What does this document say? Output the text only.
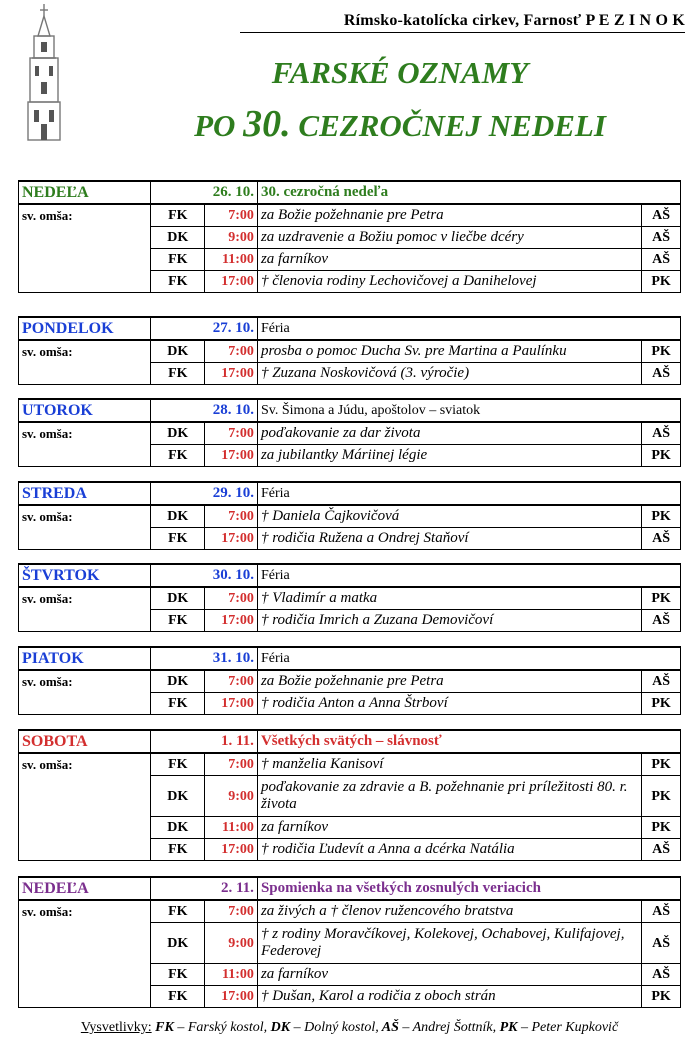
Rímsko-katolícka cirkev, Farnosť P E Z I N O K
FARSKÉ OZNAMY
PO 30. CEZROČNEJ NEDELI
NEDEĽA	26. 10.		30. cezročná nedeľa	
sv. omša:	FK	7:00	za Božie požehnanie pre Petra	AŠ
	DK	9:00	za uzdravenie a Božiu pomoc v liečbe dcéry	AŠ
	FK	11:00	za farníkov	AŠ
	FK	17:00	† členovia rodiny Lechovičovej a Danihelovej	PK
PONDELOK	27. 10.		Féria	
sv. omša:	DK	7:00	prosba o pomoc Ducha Sv. pre Martina a Paulínku	PK
	FK	17:00	† Zuzana Noskovičová (3. výročie)	AŠ
UTOROK	28. 10.		Sv. Šimona a Júdu, apoštolov – sviatok	
sv. omša:	DK	7:00	poďakovanie za dar života	AŠ
	FK	17:00	za jubilantky Máriinej légie	PK
STREDA	29. 10.		Féria	
sv. omša:	DK	7:00	† Daniela Čajkovičová	PK
	FK	17:00	† rodičia Ružena a Ondrej Staňoví	AŠ
ŠTVRTOK	30. 10.		Féria	
sv. omša:	DK	7:00	† Vladimír a matka	PK
	FK	17:00	† rodičia Imrich a Zuzana Demovičoví	AŠ
PIATOK	31. 10.		Féria	
sv. omša:	DK	7:00	za Božie požehnanie pre Petra	AŠ
	FK	17:00	† rodičia Anton a Anna Štrboví	PK
SOBOTA	1. 11.		Všetkých svätých – slávnosť	
sv. omša:	FK	7:00	† manželia Kanisoví	PK
	DK	9:00	poďakovanie za zdravie a B. požehnanie pri príležitosti 80. r. života	PK
	DK	11:00	za farníkov	PK
	FK	17:00	† rodičia Ľudevít a Anna a dcérka Natália	AŠ
NEDEĽA	2. 11.		Spomienka na všetkých zosnulých veriacich	
sv. omša:	FK	7:00	za živých a † členov ružencového bratstva	AŠ
	DK	9:00	† z rodiny Moravčíkovej, Kolekovej, Ochabovej, Kulifajovej, Federovej	AŠ
	FK	11:00	za farníkov	AŠ
	FK	17:00	† Dušan, Karol a rodičia z oboch strán	PK
Vysvetlivky: FK – Farský kostol, DK – Dolný kostol, AŠ – Andrej Šottník, PK – Peter Kupkovič
